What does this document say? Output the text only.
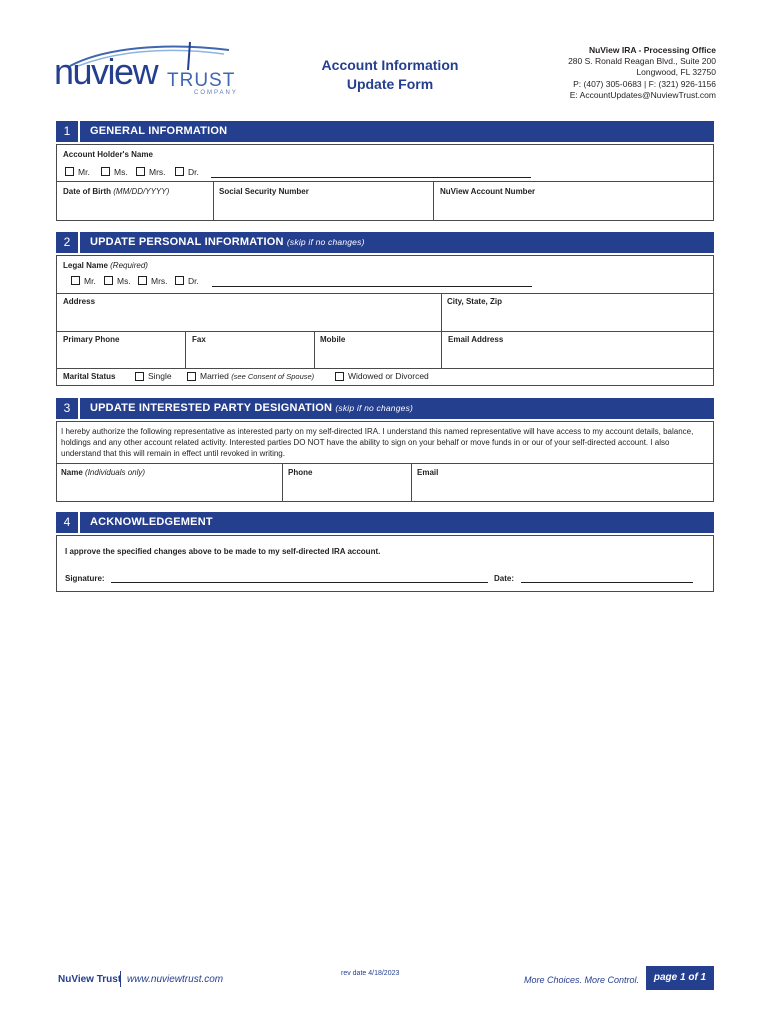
nuview TRUST
COMPANY
Account Information
Update Form
NuView IRA - Processing Office
280 S. Ronald Reagan Blvd., Suite 200
Longwood, FL 32750
P: (407) 305-0683 | F: (321) 926-1156
E: AccountUpdates@NuviewTrust.com
1	GENERAL INFORMATION
Account Holder's Name
Mr.	Ms.	Mrs.	Dr.
Date of Birth (MM/DD/YYYY)	Social Security Number	NuView Account Number
2	UPDATE PERSONAL INFORMATION (skip if no changes)
Legal Name (Required)
Mr. Ms. Mrs. Dr.
Address	City, State, Zip
Primary Phone	Fax	Mobile	Email Address
Marital Status	Single	Married (see Consent of Spouse)	Widowed or Divorced
3	UPDATE INTERESTED PARTY DESIGNATION (skip if no changes)
I hereby authorize the following representative as interested party on my self-directed IRA. I understand this named representative will have access to my account details, balance, holdings and any other account related activity. Interested parties DO NOT have the ability to sign on your behalf or move funds in or our of your self-directed account. I also understand that this will remain in effect until revoked in writing.
Name (Individuals only)	Phone	Email
4	ACKNOWLEDGEMENT
I approve the specified changes above to be made to my self-directed IRA account.
Signature:	Date:
NuView Trust www.nuviewtrust.com
rev date 4/18/2023
More Choices. More Control.	page 1 of 1
